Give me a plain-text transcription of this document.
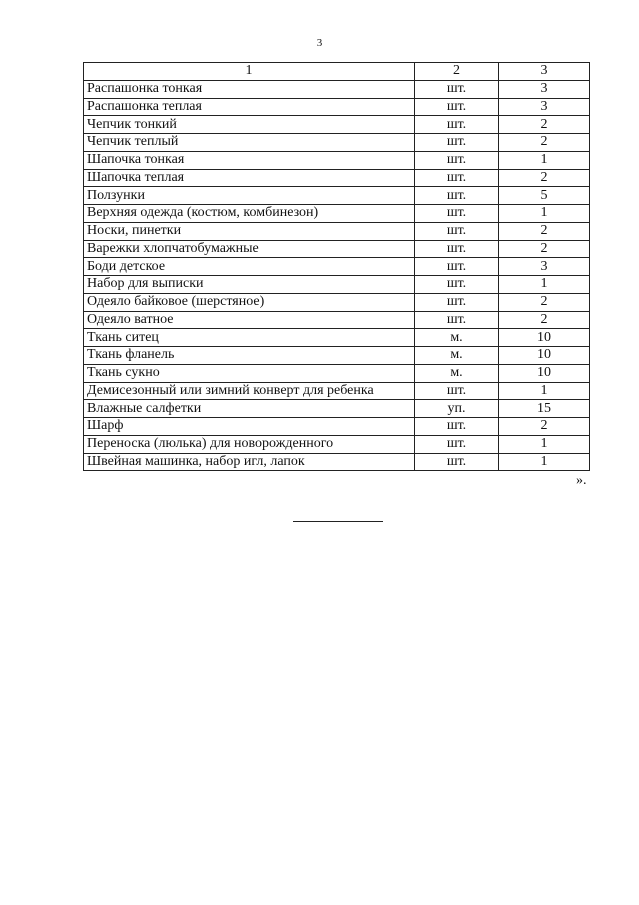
3
1	2	3
Распашонка тонкая	шт.	3
Распашонка теплая	шт.	3
Чепчик тонкий	шт.	2
Чепчик теплый	шт.	2
Шапочка тонкая	шт.	1
Шапочка теплая	шт.	2
Ползунки	шт.	5
Верхняя одежда (костюм, комбинезон)	шт.	1
Носки, пинетки	шт.	2
Варежки хлопчатобумажные	шт.	2
Боди детское	шт.	3
Набор для выписки	шт.	1
Одеяло байковое (шерстяное)	шт.	2
Одеяло ватное	шт.	2
Ткань ситец	м.	10
Ткань фланель	м.	10
Ткань сукно	м.	10
Демисезонный или зимний конверт для ребенка	шт.	1
Влажные салфетки	уп.	15
Шарф	шт.	2
Переноска (люлька) для новорожденного	шт.	1
Швейная машинка, набор игл, лапок	шт.	1
».
